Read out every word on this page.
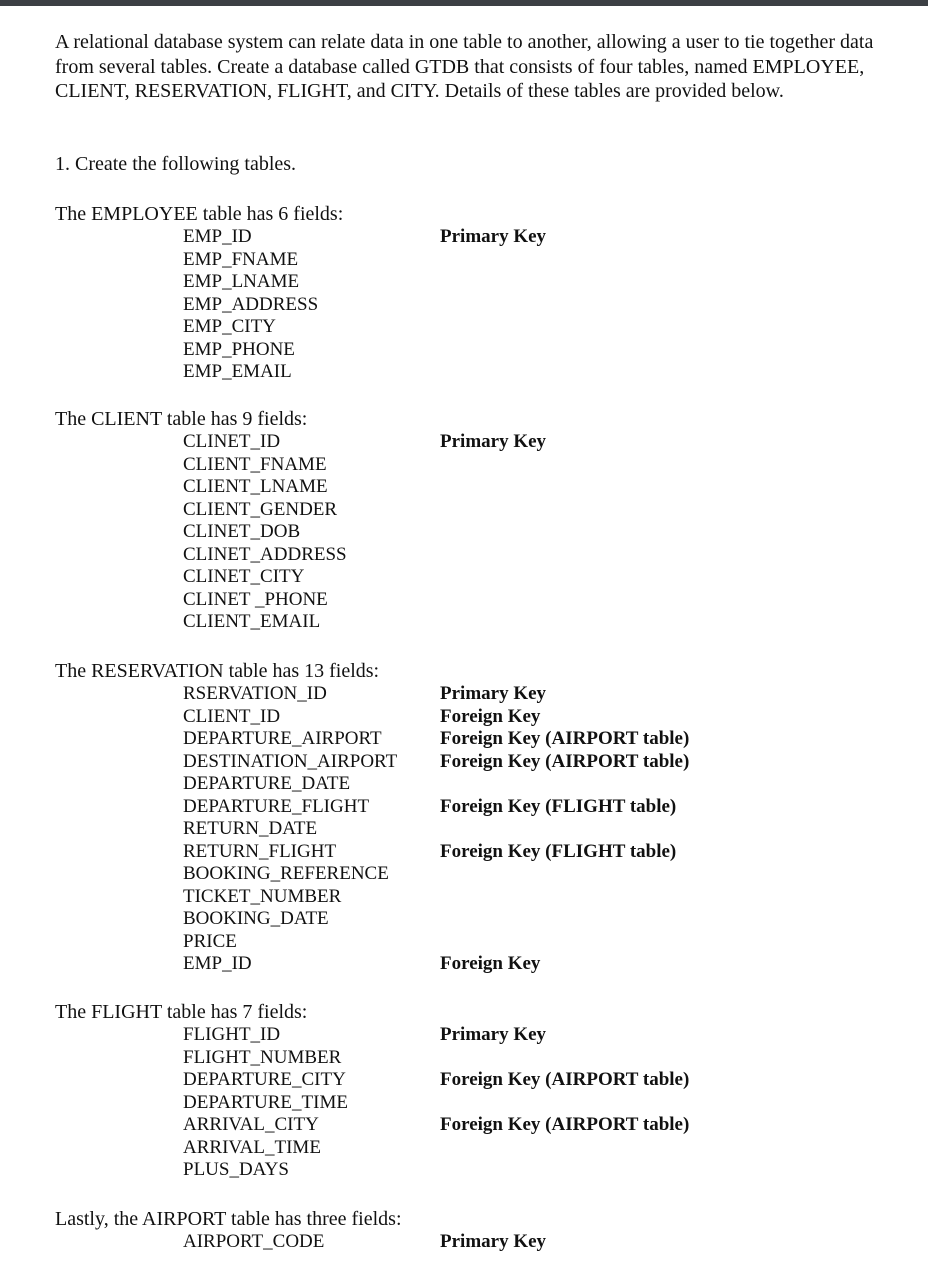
A relational database system can relate data in one table to another, allowing a user to tie together data from several tables. Create a database called GTDB that consists of four tables, named EMPLOYEE, CLIENT, RESERVATION, FLIGHT, and CITY. Details of these tables are provided below.

1. Create the following tables.

The EMPLOYEE table has 6 fields:

EMP_ID	Primary Key
EMP_FNAME
EMP_LNAME
EMP_ADDRESS
EMP_CITY
EMP_PHONE
EMP_EMAIL

The CLIENT table has 9 fields:

CLINET_ID	Primary Key
CLIENT_FNAME
CLIENT_LNAME
CLIENT_GENDER
CLINET_DOB
CLINET_ADDRESS
CLINET_CITY
CLINET _PHONE
CLIENT_EMAIL

The RESERVATION table has 13 fields:

RSERVATION_ID	Primary Key
CLIENT_ID	Foreign Key
DEPARTURE_AIRPORT	Foreign Key (AIRPORT table)
DESTINATION_AIRPORT Foreign Key (AIRPORT table)
DEPARTURE_DATE
DEPARTURE_FLIGHT	Foreign Key (FLIGHT table)
RETURN_DATE
RETURN_FLIGHT	Foreign Key (FLIGHT table)
BOOKING_REFERENCE
TICKET_NUMBER
BOOKING_DATE
PRICE
EMP_ID	Foreign Key

The FLIGHT table has 7 fields:

FLIGHT_ID	Primary Key
FLIGHT_NUMBER
DEPARTURE_CITY	Foreign Key (AIRPORT table)
DEPARTURE_TIME
ARRIVAL_CITY	Foreign Key (AIRPORT table)
ARRIVAL_TIME
PLUS_DAYS

Lastly, the AIRPORT table has three fields:

AIRPORT_CODE	Primary Key
